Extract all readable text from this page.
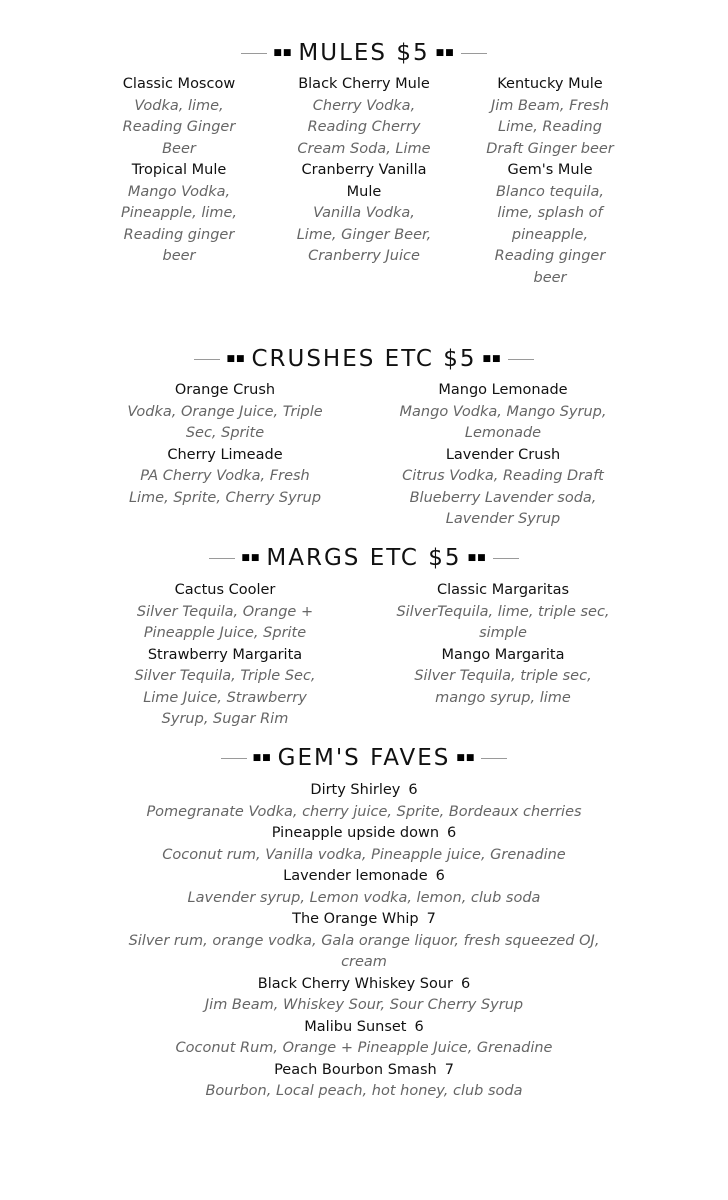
■■ MULES $5 ■■
Classic Moscow
Vodka, lime, Reading Ginger Beer
Tropical Mule
Mango Vodka, Pineapple, lime, Reading ginger beer
Black Cherry Mule
Cherry Vodka, Reading Cherry Cream Soda, Lime
Cranberry Vanilla Mule
Vanilla Vodka, Lime, Ginger Beer, Cranberry Juice
Kentucky Mule
Jim Beam, Fresh Lime, Reading Draft Ginger beer
Gem's Mule
Blanco tequila, lime, splash of pineapple, Reading ginger beer
■■ CRUSHES ETC $5 ■■
Orange Crush
Vodka, Orange Juice, Triple Sec, Sprite
Cherry Limeade
PA Cherry Vodka, Fresh Lime, Sprite, Cherry Syrup
Mango Lemonade
Mango Vodka, Mango Syrup, Lemonade
Lavender Crush
Citrus Vodka, Reading Draft Blueberry Lavender soda, Lavender Syrup
■■ MARGS ETC $5 ■■
Cactus Cooler
Silver Tequila, Orange + Pineapple Juice, Sprite
Strawberry Margarita
Silver Tequila, Triple Sec, Lime Juice, Strawberry Syrup, Sugar Rim
Classic Margaritas
SilverTequila, lime, triple sec, simple
Mango Margarita
Silver Tequila, triple sec, mango syrup, lime
■■ GEM'S FAVES ■■
Dirty Shirley 6
Pomegranate Vodka, cherry juice, Sprite, Bordeaux cherries
Pineapple upside down 6
Coconut rum, Vanilla vodka, Pineapple juice, Grenadine
Lavender lemonade 6
Lavender syrup, Lemon vodka, lemon, club soda
The Orange Whip 7
Silver rum, orange vodka, Gala orange liquor, fresh squeezed OJ, cream
Black Cherry Whiskey Sour 6
Jim Beam, Whiskey Sour, Sour Cherry Syrup
Malibu Sunset 6
Coconut Rum, Orange + Pineapple Juice, Grenadine
Peach Bourbon Smash 7
Bourbon, Local peach, hot honey, club soda
